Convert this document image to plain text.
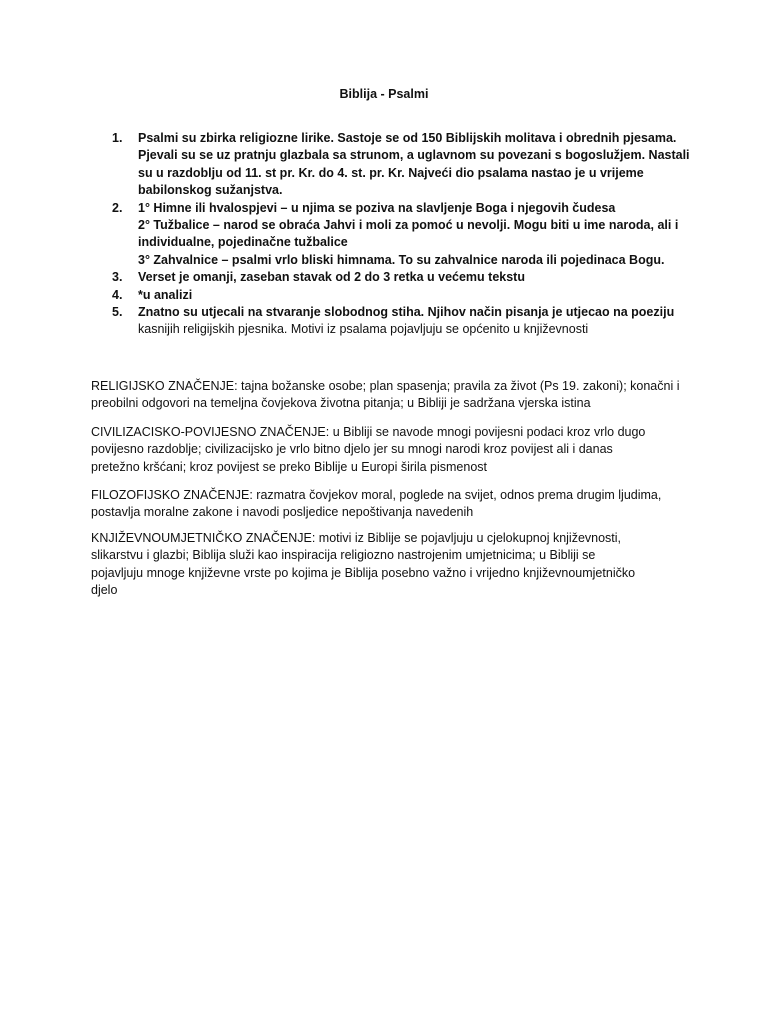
Biblija - Psalmi
1.	Psalmi su zbirka religiozne lirike. Sastoje se od 150 Biblijskih molitava i obrednih pjesama.
Pjevali su se uz pratnju glazbala sa strunom, a uglavnom su povezani s bogoslužjem. Nastali
su u razdoblju od 11. st pr. Kr. do 4. st. pr. Kr. Najveći dio psalama nastao je u vrijeme
babilonskog sužanjstva.
2.	1° Himne ili hvalospjevi – u njima se poziva na slavljenje Boga i njegovih čudesa
2° Tužbalice – narod se obraća Jahvi i moli za pomoć u nevolji. Mogu biti u ime naroda, ali i
individualne, pojedinačne tužbalice
3° Zahvalnice – psalmi vrlo bliski himnama. To su zahvalnice naroda ili pojedinaca Bogu.
3.	Verset je omanji, zaseban stavak od 2 do 3 retka u većemu tekstu
4.	*u analizi
5.	Znatno su utjecali na stvaranje slobodnog stiha. Njihov način pisanja je utjecao na poeziju
kasnijih religijskih pjesnika. Motivi iz psalama pojavljuju se općenito u književnosti
RELIGIJSKO ZNAČENJE: tajna božanske osobe; plan spasenja; pravila za život (Ps 19. zakoni); konačni i
preobilni odgovori na temeljna čovjekova životna pitanja; u Bibliji je sadržana vjerska istina
CIVILIZACISKO-POVIJESNO ZNAČENJE: u Bibliji se navode mnogi povijesni podaci kroz vrlo dugo
povijesno razdoblje; civilizacijsko je vrlo bitno djelo jer su mnogi narodi kroz povijest ali i danas
pretežno kršćani; kroz povijest se preko Biblije u Europi širila pismenost
FILOZOFIJSKO ZNAČENJE: razmatra čovjekov moral, poglede na svijet, odnos prema drugim ljudima,
postavlja moralne zakone i navodi posljedice nepoštivanja navedenih
KNJIŽEVNOUMJETNIČKO ZNAČENJE: motivi iz Biblije se pojavljuju u cjelokupnoj književnosti,
slikarstvu i glazbi; Biblija služi kao inspiracija religiozno nastrojenim umjetnicima; u Bibliji se
pojavljuju mnoge književne vrste po kojima je Biblija posebno važno i vrijedno književnoumjetničko
djelo
